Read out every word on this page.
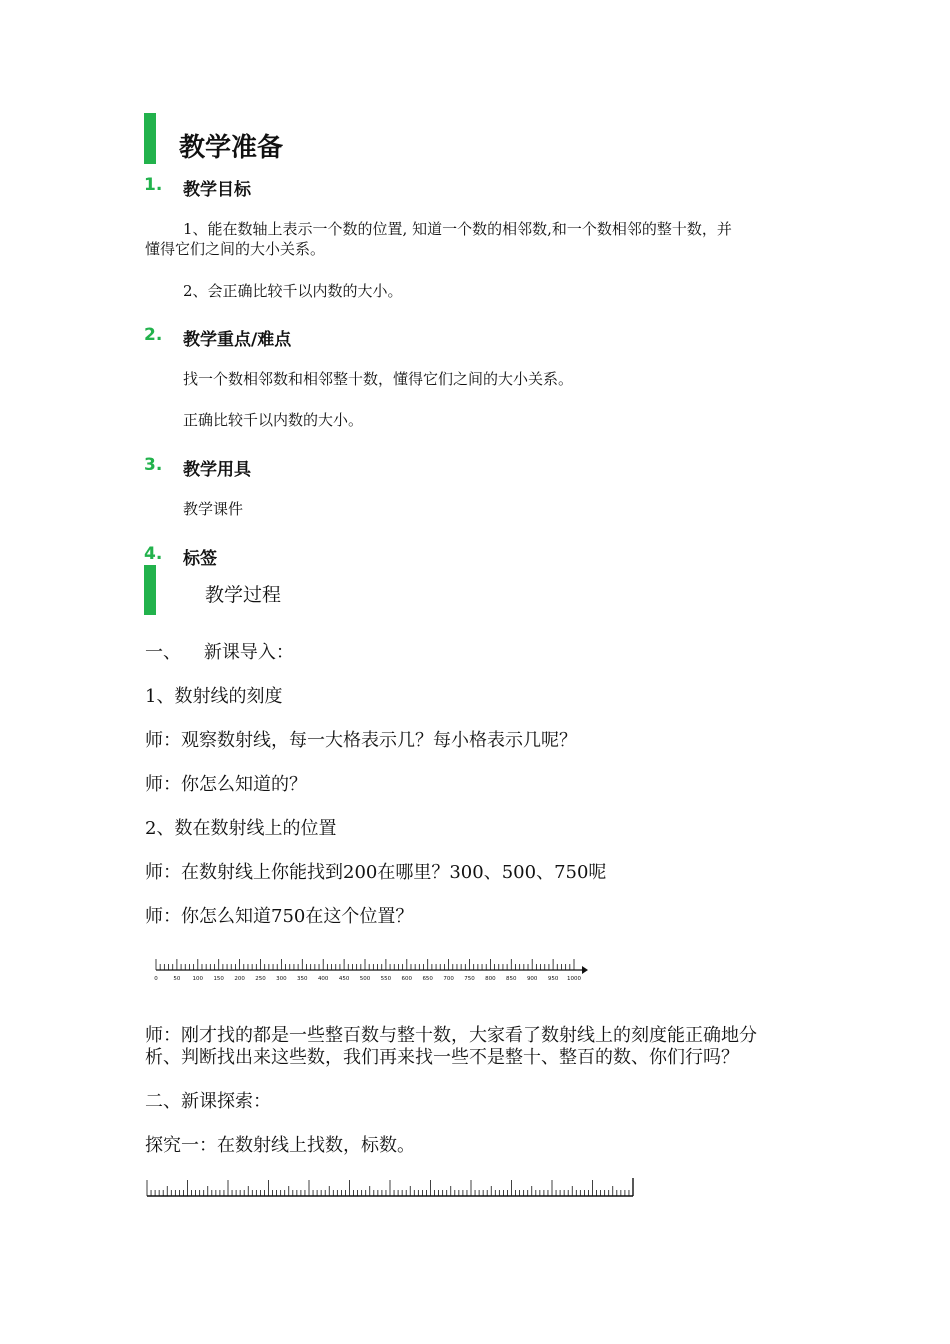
教学准备
1. 教学目标
1、能在数轴上表示一个数的位置, 知道一个数的相邻数,和一个数相邻的整十数，并
懂得它们之间的大小关系。
2、会正确比较千以内数的大小。
2. 教学重点/难点
找一个数相邻数和相邻整十数，懂得它们之间的大小关系。
正确比较千以内数的大小。
3. 教学用具
教学课件
4. 标签
教学过程
一、    新课导入：
1、数射线的刻度
师：观察数射线，每一大格表示几？每小格表示几呢？
师：你怎么知道的？
2、数在数射线上的位置
师：在数射线上你能找到200在哪里？300、500、750呢
师：你怎么知道750在这个位置？
0	50 100 150 200 250 300 350 400 450 500 550 600 650 700 750 800 850 900 950 1000
师：刚才找的都是一些整百数与整十数，大家看了数射线上的刻度能正确地分
析、判断找出来这些数，我们再来找一些不是整十、整百的数、你们行吗？
二、新课探索：
探究一：在数射线上找数，标数。
